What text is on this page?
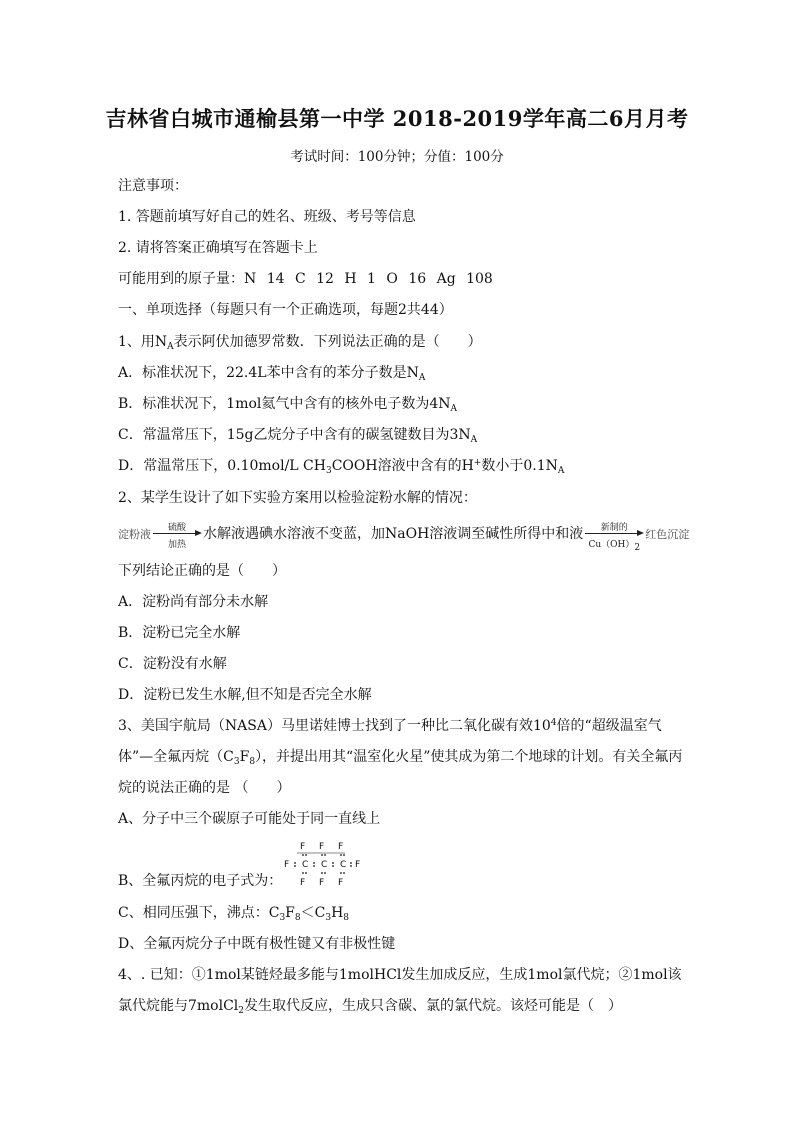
吉林省白城市通榆县第一中学 2018-2019学年高二6月月考
考试时间：100分钟；分值：100分
注意事项：
1. 答题前填写好自己的姓名、班级、考号等信息
2. 请将答案正确填写在答题卡上
可能用到的原子量：N 14 C 12 H 1 O 16 Ag 108
一、单项选择（每题只有一个正确选项，每题2共44）
1、用$N_A$表示阿伏加德罗常数．下列说法正确的是（　　）
A．标准状况下，22.4L苯中含有的苯分子数是$N_A$
B．标准状况下，1mol氦气中含有的核外电子数为$4N_A$
C．常温常压下，15g乙烷分子中含有的碳氢键数目为$3N_A$
D．常温常压下，0.10mol/L $CH_3COOH$溶液中含有的H+数小于$0.1N_A$
2、某学生设计了如下实验方案用以检验淀粉水解的情况：
淀粉液	硫酸
加热
水解液遇碘水溶液不变蓝，加NaOH溶液调至碱性所得中和液	新制的
$Cu(OH)_2$
红色沉淀
下列结论正确的是（　　）
A．淀粉尚有部分未水解
B．淀粉已完全水解
C．淀粉没有水解
D．淀粉已发生水解,但不知是否完全水解
3、美国宇航局（NASA）马里诺娃博士找到了一种比二氧化碳有效$10^4$倍的“超级温室气
体”—全氟丙烷$(C_3F_8)$，并提出用其“温室化火星”使其成为第二个地球的计划。有关全氟丙
烷的说法正确的是 （　　）
A、分子中三个碳原子可能处于同一直线上
B、全氟丙烷的电子式为：
F F F
F C C C F
F F F
C、相同压强下，沸点：$C_3F_8<C_3H_8$
D、全氟丙烷分子中既有极性键又有非极性键
4、. 已知：①1mol某链烃最多能与1molHCl发生加成反应，生成1mol氯代烷；②1mol该
氯代烷能与7molCl$_2$发生取代反应，生成只含碳、氯的氯代烷。该烃可能是（　）
